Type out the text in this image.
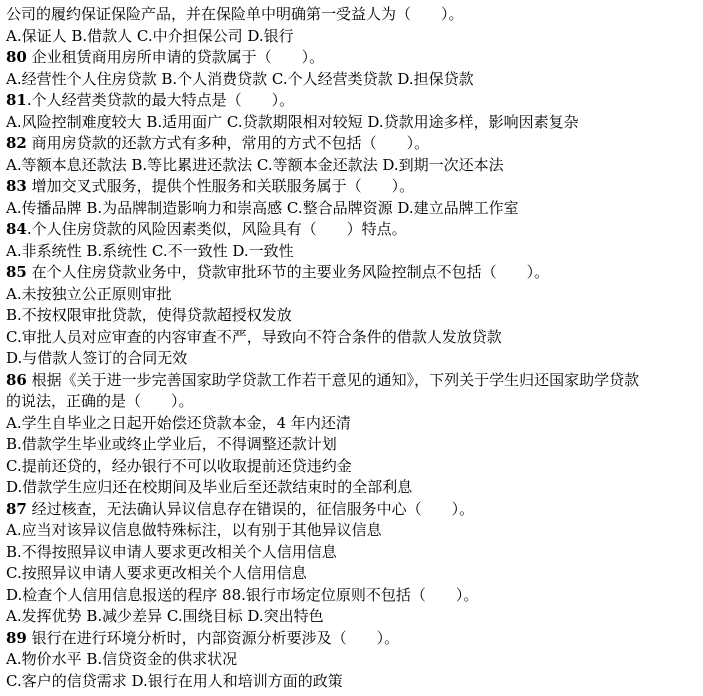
公司的履约保证保险产品，并在保险单中明确第一受益人为（　　）。
A.保证人 B.借款人 C.中介担保公司 D.银行
80 企业租赁商用房所申请的贷款属于（　　）。
A.经营性个人住房贷款 B.个人消费贷款 C.个人经营类贷款 D.担保贷款
81.个人经营类贷款的最大特点是（　　）。
A.风险控制难度较大 B.适用面广 C.贷款期限相对较短 D.贷款用途多样，影响因素复杂
82 商用房贷款的还款方式有多种，常用的方式不包括（　　）。
A.等额本息还款法 B.等比累进还款法 C.等额本金还款法 D.到期一次还本法
83 增加交叉式服务，提供个性服务和关联服务属于（　　）。
A.传播品牌 B.为品牌制造影响力和崇高感 C.整合品牌资源 D.建立品牌工作室
84.个人住房贷款的风险因素类似，风险具有（　　）特点。
A.非系统性 B.系统性 C.不一致性 D.一致性
85 在个人住房贷款业务中，贷款审批环节的主要业务风险控制点不包括（　　）。
A.未按独立公正原则审批
B.不按权限审批贷款，使得贷款超授权发放
C.审批人员对应审查的内容审查不严，导致向不符合条件的借款人发放贷款
D.与借款人签订的合同无效
86 根据《关于进一步完善国家助学贷款工作若干意见的通知》，下列关于学生归还国家助学贷款
的说法，正确的是（　　）。
A.学生自毕业之日起开始偿还贷款本金，4 年内还清
B.借款学生毕业或终止学业后，不得调整还款计划
C.提前还贷的，经办银行不可以收取提前还贷违约金
D.借款学生应归还在校期间及毕业后至还款结束时的全部利息
87 经过核查，无法确认异议信息存在错误的，征信服务中心（　　）。
A.应当对该异议信息做特殊标注，以有别于其他异议信息
B.不得按照异议申请人要求更改相关个人信用信息
C.按照异议申请人要求更改相关个人信用信息
D.检查个人信用信息报送的程序 88.银行市场定位原则不包括（　　）。
A.发挥优势 B.减少差异 C.围绕目标 D.突出特色
89 银行在进行环境分析时，内部资源分析要涉及（　　）。
A.物价水平 B.信贷资金的供求状况
C.客户的信贷需求 D.银行在用人和培训方面的政策
